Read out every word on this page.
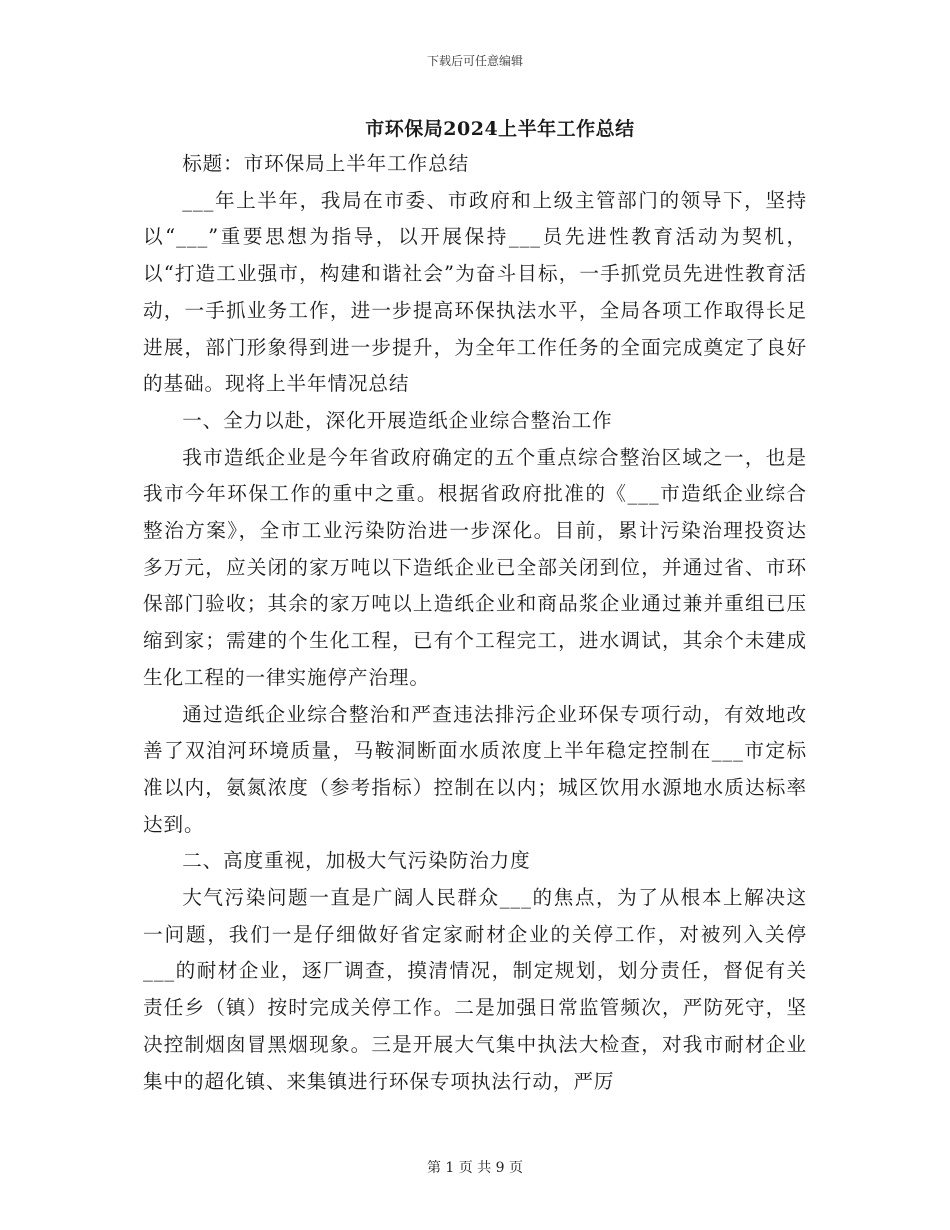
下载后可任意编辑
市环保局2024上半年工作总结

标题：市环保局上半年工作总结

___年上半年，我局在市委、市政府和上级主管部门的领导下，坚持以“___”重要思想为指导，以开展保持___员先进性教育活动为契机，以“打造工业强市，构建和谐社会”为奋斗目标，一手抓党员先进性教育活动，一手抓业务工作，进一步提高环保执法水平，全局各项工作取得长足进展，部门形象得到进一步提升，为全年工作任务的全面完成奠定了良好的基础。现将上半年情况总结

一、全力以赴，深化开展造纸企业综合整治工作

我市造纸企业是今年省政府确定的五个重点综合整治区域之一，也是我市今年环保工作的重中之重。根据省政府批准的《___市造纸企业综合整治方案》，全市工业污染防治进一步深化。目前，累计污染治理投资达多万元，应关闭的家万吨以下造纸企业已全部关闭到位，并通过省、市环保部门验收；其余的家万吨以上造纸企业和商品浆企业通过兼并重组已压缩到家；需建的个生化工程，已有个工程完工，进水调试，其余个未建成生化工程的一律实施停产治理。

通过造纸企业综合整治和严查违法排污企业环保专项行动，有效地改善了双洎河环境质量，马鞍洞断面水质浓度上半年稳定控制在___市定标准以内，氨氮浓度（参考指标）控制在以内；城区饮用水源地水质达标率达到。

二、高度重视，加极大气污染防治力度

大气污染问题一直是广阔人民群众___的焦点，为了从根本上解决这一问题，我们一是仔细做好省定家耐材企业的关停工作，对被列入关停___的耐材企业，逐厂调查，摸清情况，制定规划，划分责任，督促有关责任乡（镇）按时完成关停工作。二是加强日常监管频次，严防死守，坚决控制烟囱冒黑烟现象。三是开展大气集中执法大检查，对我市耐材企业集中的超化镇、来集镇进行环保专项执法行动，严厉

第 1 页 共 9 页
